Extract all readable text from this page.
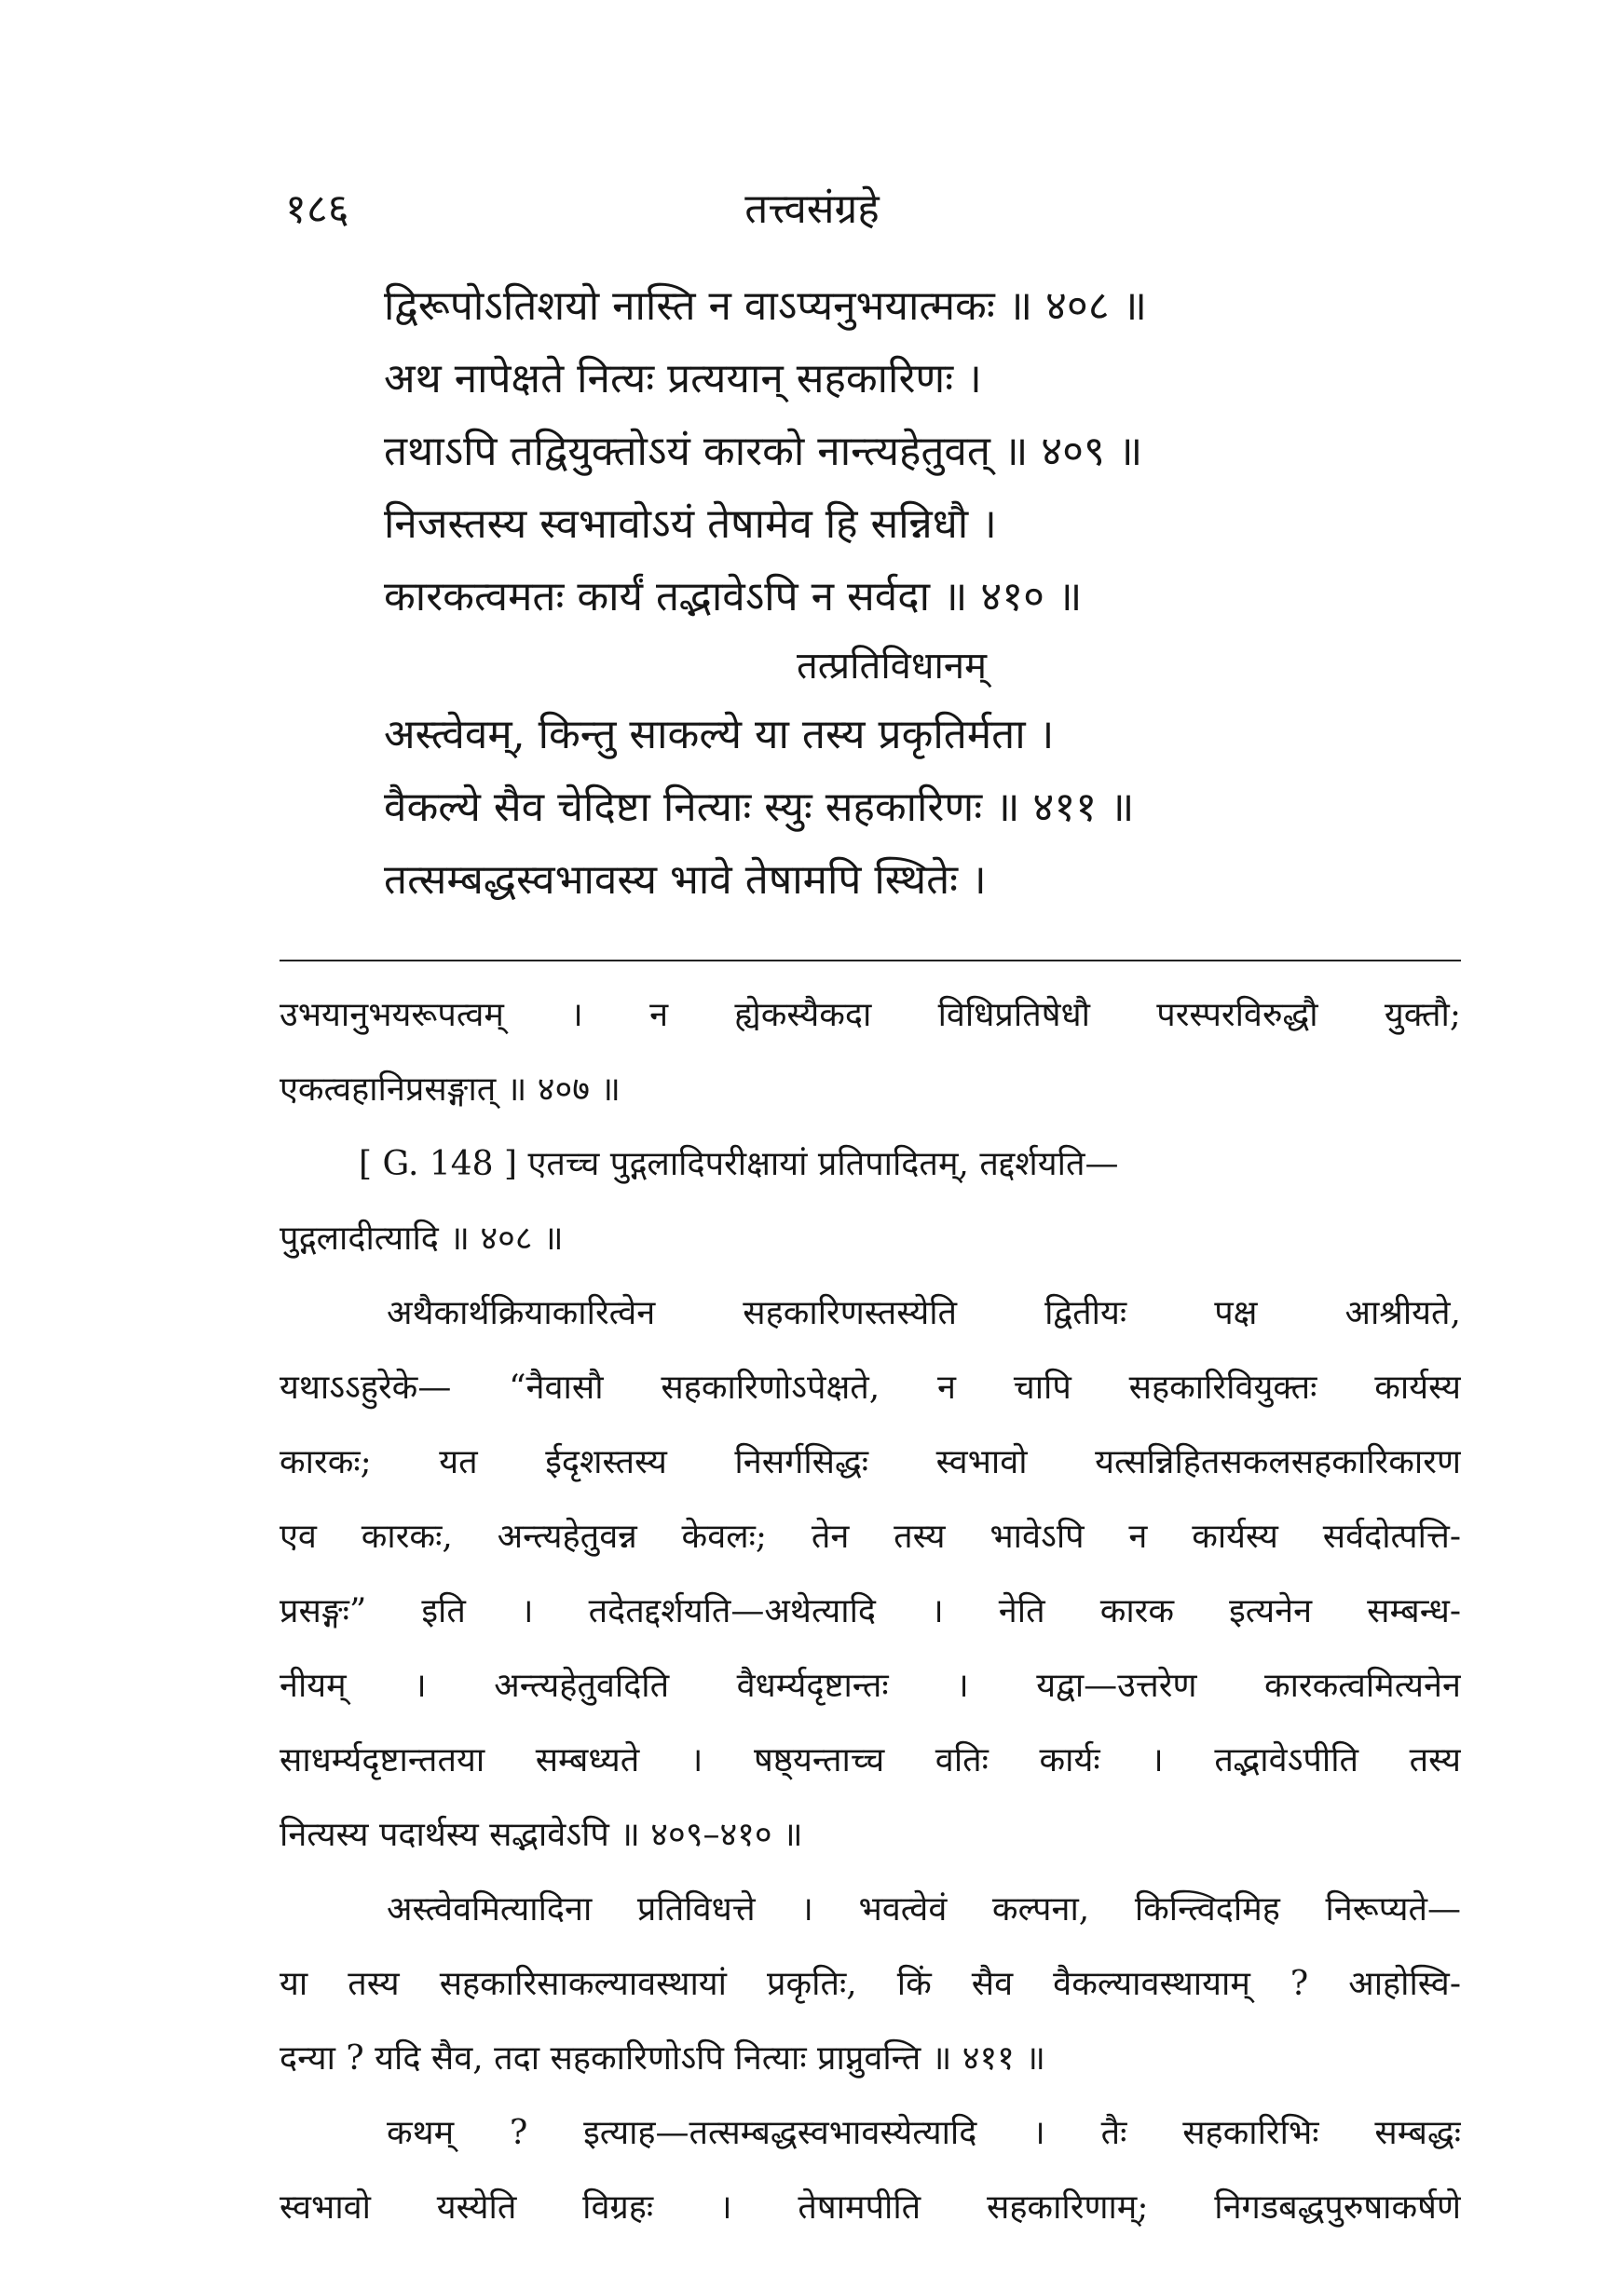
१८६	तत्त्वसंग्रहे
द्विरूपोऽतिशयो नास्ति न वाऽप्यनुभयात्मकः ॥ ४०८ ॥
अथ नापेक्षते नित्यः प्रत्ययान् सहकारिणः ।
तथाऽपि तद्वियुक्तोऽयं कारको नान्त्यहेतुवत् ॥ ४०९ ॥
निजस्तस्य स्वभावोऽयं तेषामेव हि सन्निधौ ।
कारकत्वमतः कार्यं तद्भावेऽपि न सर्वदा ॥ ४१० ॥
तत्प्रतिविधानम्
अस्त्वेवम्, किन्तु साकल्ये या तस्य प्रकृतिर्मता ।
वैकल्ये सैव चेदिष्टा नित्याः स्युः सहकारिणः ॥ ४११ ॥
तत्सम्बद्धस्वभावस्य भावे तेषामपि स्थितेः ।
उभयानुभयरूपत्वम् । न ह्येकस्यैकदा विधिप्रतिषेधौ परस्परविरुद्धौ युक्तौ;
एकत्वहानिप्रसङ्गात् ॥ ४०७ ॥
[ G. 148 ] एतच्च पुद्गलादिपरीक्षायां प्रतिपादितम्, तद्दर्शयति—
पुद्गलादीत्यादि ॥ ४०८ ॥
अथैकार्थक्रियाकारित्वेन सहकारिणस्तस्येति द्वितीयः पक्ष आश्रीयते,
यथाऽऽहुरेके— “नैवासौ सहकारिणोऽपेक्षते, न चापि सहकारिवियुक्तः कार्यस्य
कारकः; यत ईदृशस्तस्य निसर्गसिद्धः स्वभावो यत्सन्निहितसकलसहकारिकारण
एव कारकः, अन्त्यहेतुवन्न केवलः; तेन तस्य भावेऽपि न कार्यस्य सर्वदोत्पत्ति-
प्रसङ्गः” इति । तदेतद्दर्शयति—अथेत्यादि । नेति कारक इत्यनेन सम्बन्ध-
नीयम् । अन्त्यहेतुवदिति वैधर्म्यदृष्टान्तः । यद्वा—उत्तरेण कारकत्वमित्यनेन
साधर्म्यदृष्टान्ततया सम्बध्यते । षष्ठ्यन्ताच्च वतिः कार्यः । तद्भावेऽपीति तस्य
नित्यस्य पदार्थस्य सद्भावेऽपि ॥ ४०९–४१० ॥
अस्त्वेवमित्यादिना प्रतिविधत्ते । भवत्वेवं कल्पना, किन्त्विदमिह निरूप्यते—
या तस्य सहकारिसाकल्यावस्थायां प्रकृतिः, किं सैव वैकल्यावस्थायाम् ? आहोस्वि-
दन्या ? यदि सैव, तदा सहकारिणोऽपि नित्याः प्राप्नुवन्ति ॥ ४११ ॥
कथम् ? इत्याह—तत्सम्बद्धस्वभावस्येत्यादि । तैः सहकारिभिः सम्बद्धः
स्वभावो यस्येति विग्रहः । तेषामपीति सहकारिणाम्; निगडबद्धपुरुषाकर्षणे
